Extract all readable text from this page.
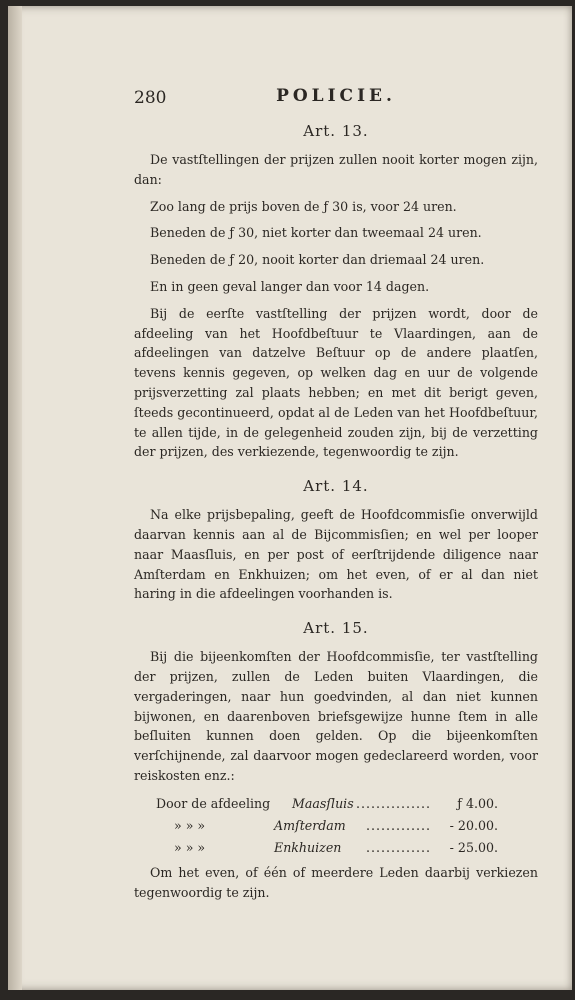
280	POLICIE.
Art. 13.

De vastſtellingen der prijzen zullen nooit korter mogen zijn, dan:

Zoo lang de prijs boven de ƒ 30 is, voor 24 uren.

Beneden de ƒ 30, niet korter dan tweemaal 24 uren.

Beneden de ƒ 20, nooit korter dan driemaal 24 uren.

En in geen geval langer dan voor 14 dagen.

Bij de eerſte vastſtelling der prijzen wordt, door de afdeeling van het Hoofdbeſtuur te Vlaardingen, aan de afdeelingen van datzelve Beſtuur op de andere plaatſen, tevens kennis gegeven, op welken dag en uur de volgende prijsverzetting zal plaats hebben; en met dit berigt geven, ſteeds gecontinueerd, opdat al de Leden van het Hoofdbeſtuur, te allen tijde, in de gelegenheid zouden zijn, bij de verzetting der prijzen, des verkiezende, tegenwoordig te zijn.

Art. 14.

Na elke prijsbepaling, geeft de Hoofdcommisſie onverwijld daarvan kennis aan al de Bijcommisſien; en wel per looper naar Maasſluis, en per post of eerſtrijdende diligence naar Amſterdam en Enkhuizen; om het even, of er al dan niet haring in die afdeelingen voorhanden is.

Art. 15.

Bij die bijeenkomſten der Hoofdcommisſie, ter vastſtelling der prijzen, zullen de Leden buiten Vlaardingen, die vergaderingen, naar hun goedvinden, al dan niet kunnen bijwonen, en daarenboven briefsgewijze hunne ſtem in alle beſluiten kunnen doen gelden. Op die bijeenkomſten verſchijnende, zal daarvoor mogen gedeclareerd worden, voor reiskosten enz.:

Door de afdeeling Maasſluis ............... ƒ 4.00.
» » »	Amſterdam ............. - 20.00.
» » »	Enkhuizen ............. - 25.00.

Om het even, of één of meerdere Leden daarbij verkiezen tegenwoordig te zijn.
